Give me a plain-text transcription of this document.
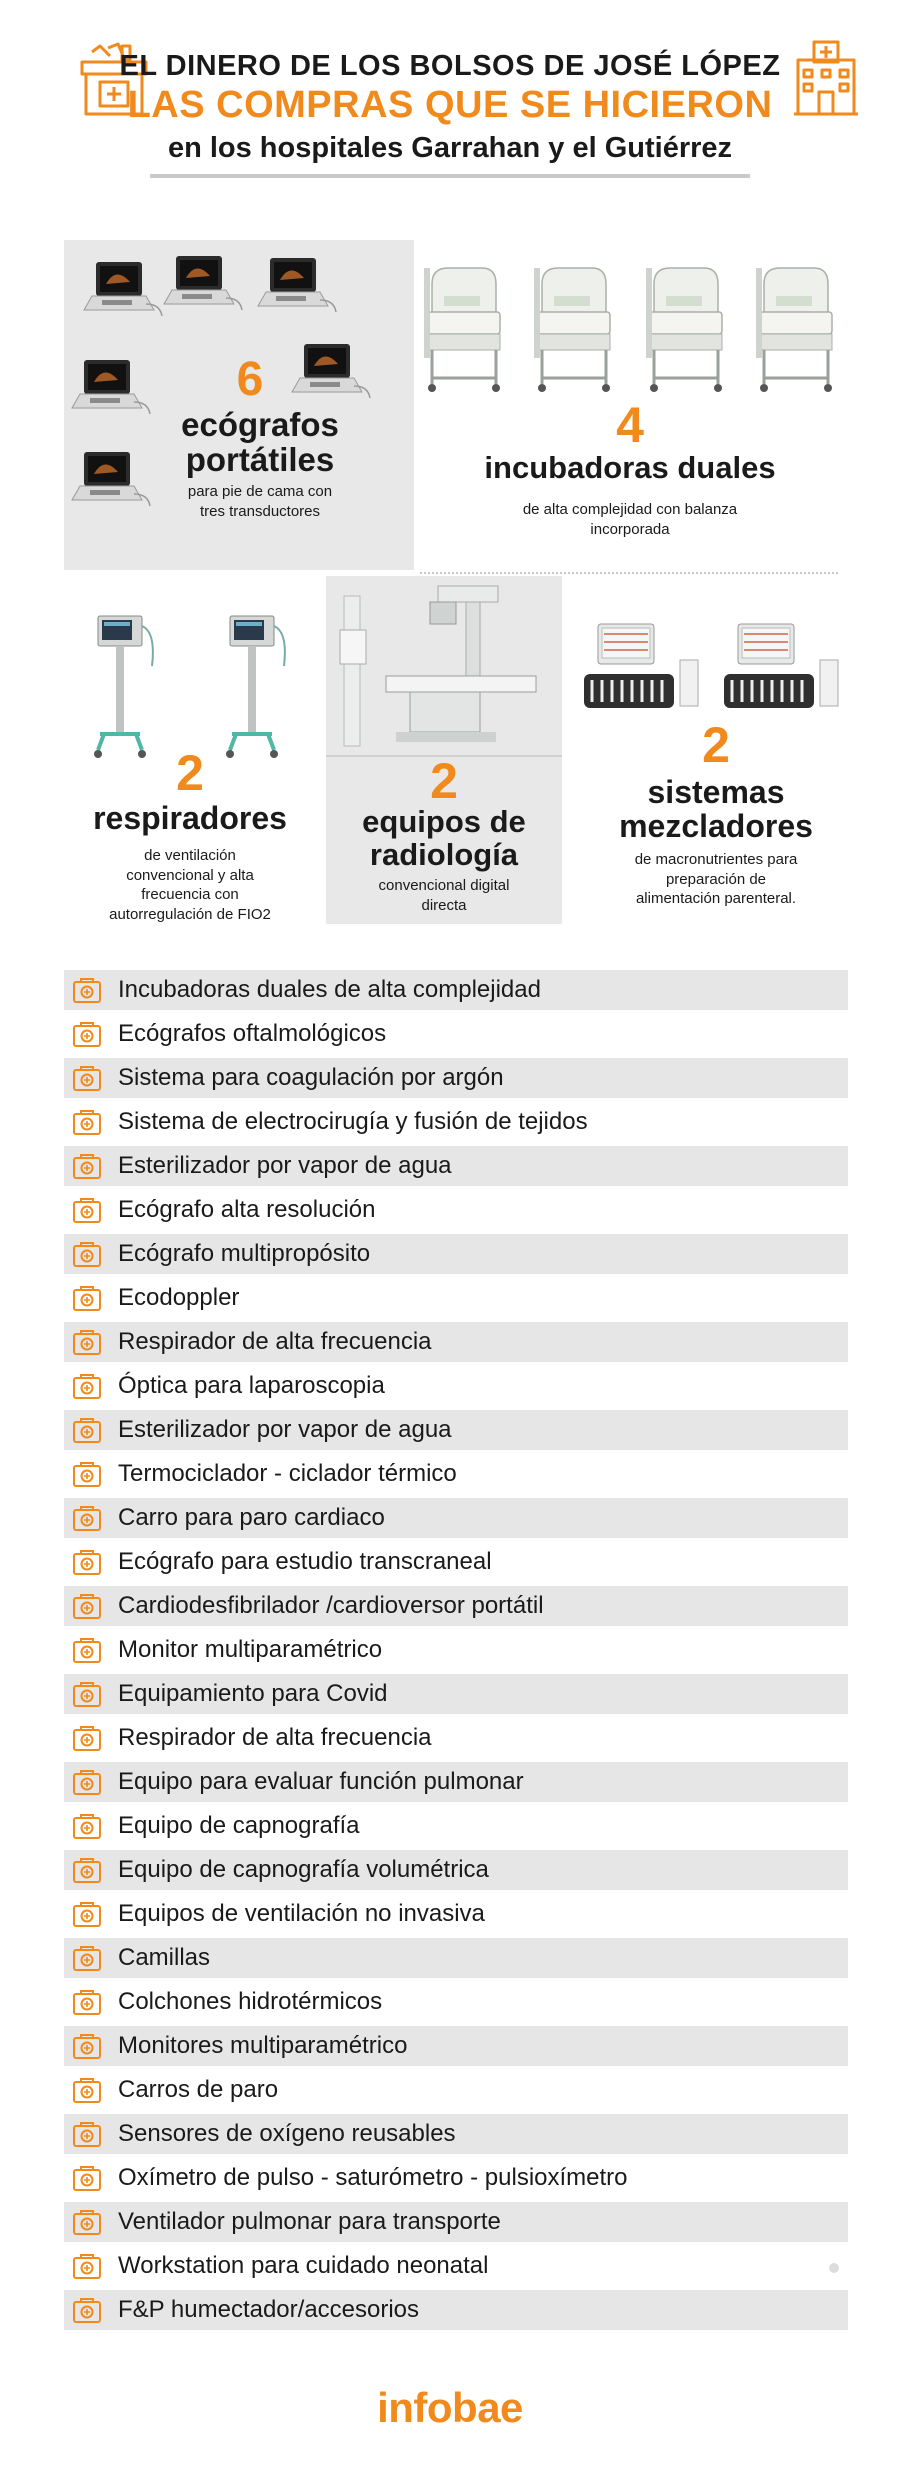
EL DINERO DE LOS BOLSOS DE JOSÉ LÓPEZ
LAS COMPRAS QUE SE HICIERON
en los hospitales Garrahan y el Gutiérrez
6
ecógrafos
portátiles
para pie de cama con
tres transductores
4
incubadoras duales
de alta complejidad con balanza
incorporada
2
respiradores
de ventilación
convencional y alta
frecuencia con
autorregulación de FIO2
2
equipos de
radiología
convencional digital
directa
2
sistemas
mezcladores
de macronutrientes para
preparación de
alimentación parenteral.
Incubadoras duales de alta complejidad
Ecógrafos oftalmológicos
Sistema para coagulación por argón
Sistema de electrocirugía y fusión de tejidos
Esterilizador por vapor de agua
Ecógrafo alta resolución
Ecógrafo multipropósito
Ecodoppler
Respirador de alta frecuencia
Óptica para laparoscopia
Esterilizador por vapor de agua
Termociclador - ciclador térmico
Carro para paro cardiaco
Ecógrafo para estudio transcraneal
Cardiodesfibrilador /cardioversor portátil
Monitor multiparamétrico
Equipamiento para Covid
Respirador de alta frecuencia
Equipo para evaluar función pulmonar
Equipo de capnografía
Equipo de capnografía volumétrica
Equipos de ventilación no invasiva
Camillas
Colchones hidrotérmicos
Monitores multiparamétrico
Carros de paro
Sensores de oxígeno reusables
Oxímetro de pulso - saturómetro - pulsioxímetro
Ventilador pulmonar para transporte
Workstation para cuidado neonatal
F&P humectador/accesorios
infobae
